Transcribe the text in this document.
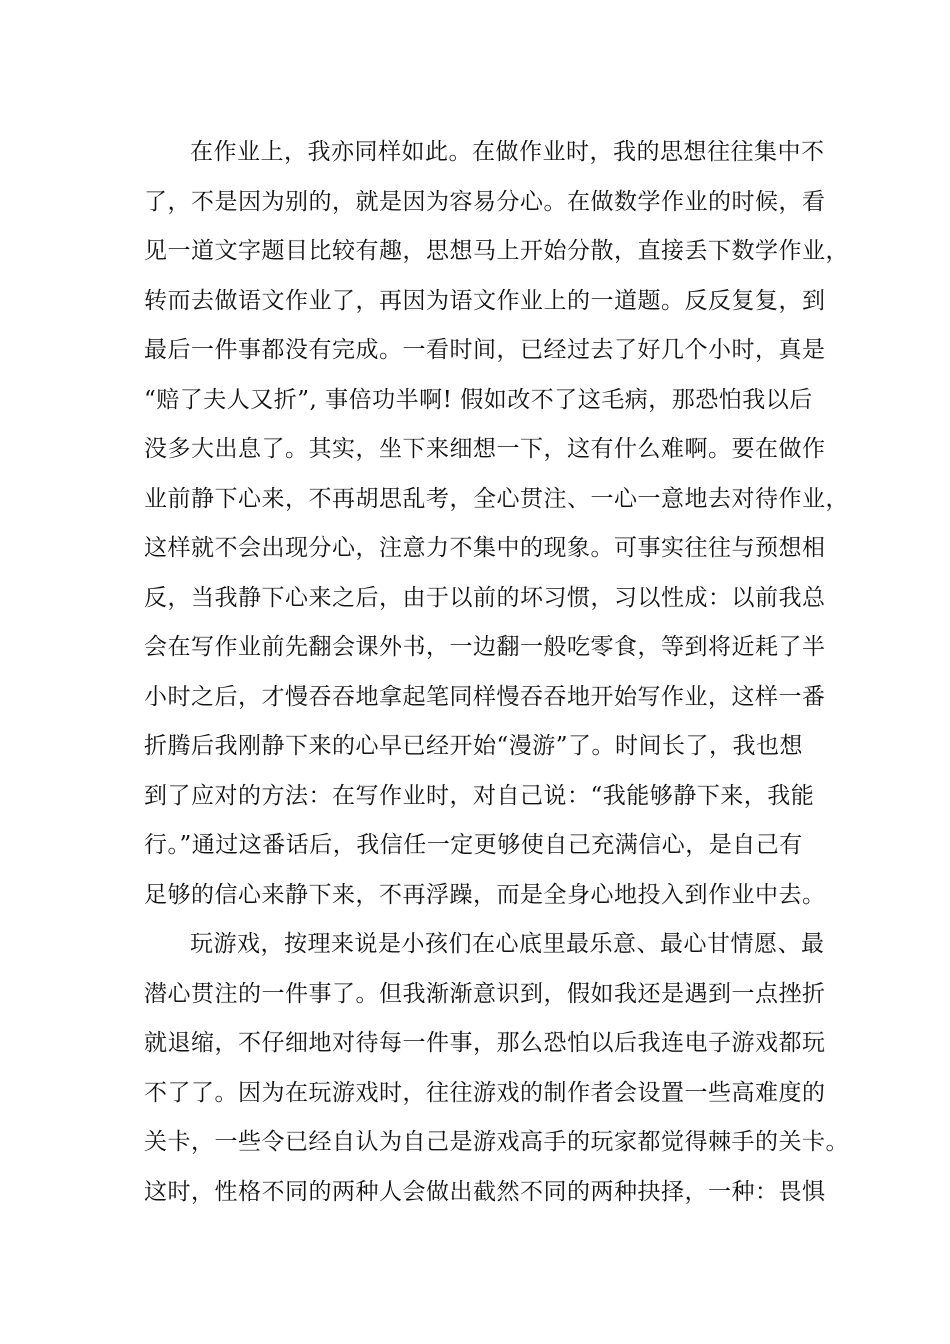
在作业上，我亦同样如此。在做作业时，我的思想往往集中不
了，不是因为别的，就是因为容易分心。在做数学作业的时候，看
见一道文字题目比较有趣，思想马上开始分散，直接丢下数学作业，
转而去做语文作业了，再因为语文作业上的一道题。反反复复，到
最后一件事都没有完成。一看时间，已经过去了好几个小时，真是
“赔了夫人又折”, 事倍功半啊! 假如改不了这毛病，那恐怕我以后
没多大出息了。其实，坐下来细想一下，这有什么难啊。要在做作
业前静下心来，不再胡思乱考，全心贯注、一心一意地去对待作业，
这样就不会出现分心，注意力不集中的现象。可事实往往与预想相
反，当我静下心来之后，由于以前的坏习惯，习以性成：以前我总
会在写作业前先翻会课外书，一边翻一般吃零食，等到将近耗了半
小时之后，才慢吞吞地拿起笔同样慢吞吞地开始写作业，这样一番
折腾后我刚静下来的心早已经开始“漫游”了。时间长了，我也想
到了应对的方法：在写作业时，对自己说：“我能够静下来，我能
行。”通过这番话后，我信任一定更够使自己充满信心，是自己有
足够的信心来静下来，不再浮躁，而是全身心地投入到作业中去。
玩游戏，按理来说是小孩们在心底里最乐意、最心甘情愿、最
潜心贯注的一件事了。但我渐渐意识到，假如我还是遇到一点挫折
就退缩，不仔细地对待每一件事，那么恐怕以后我连电子游戏都玩
不了了。因为在玩游戏时，往往游戏的制作者会设置一些高难度的
关卡，一些令已经自认为自己是游戏高手的玩家都觉得棘手的关卡。
这时，性格不同的两种人会做出截然不同的两种抉择，一种：畏惧
